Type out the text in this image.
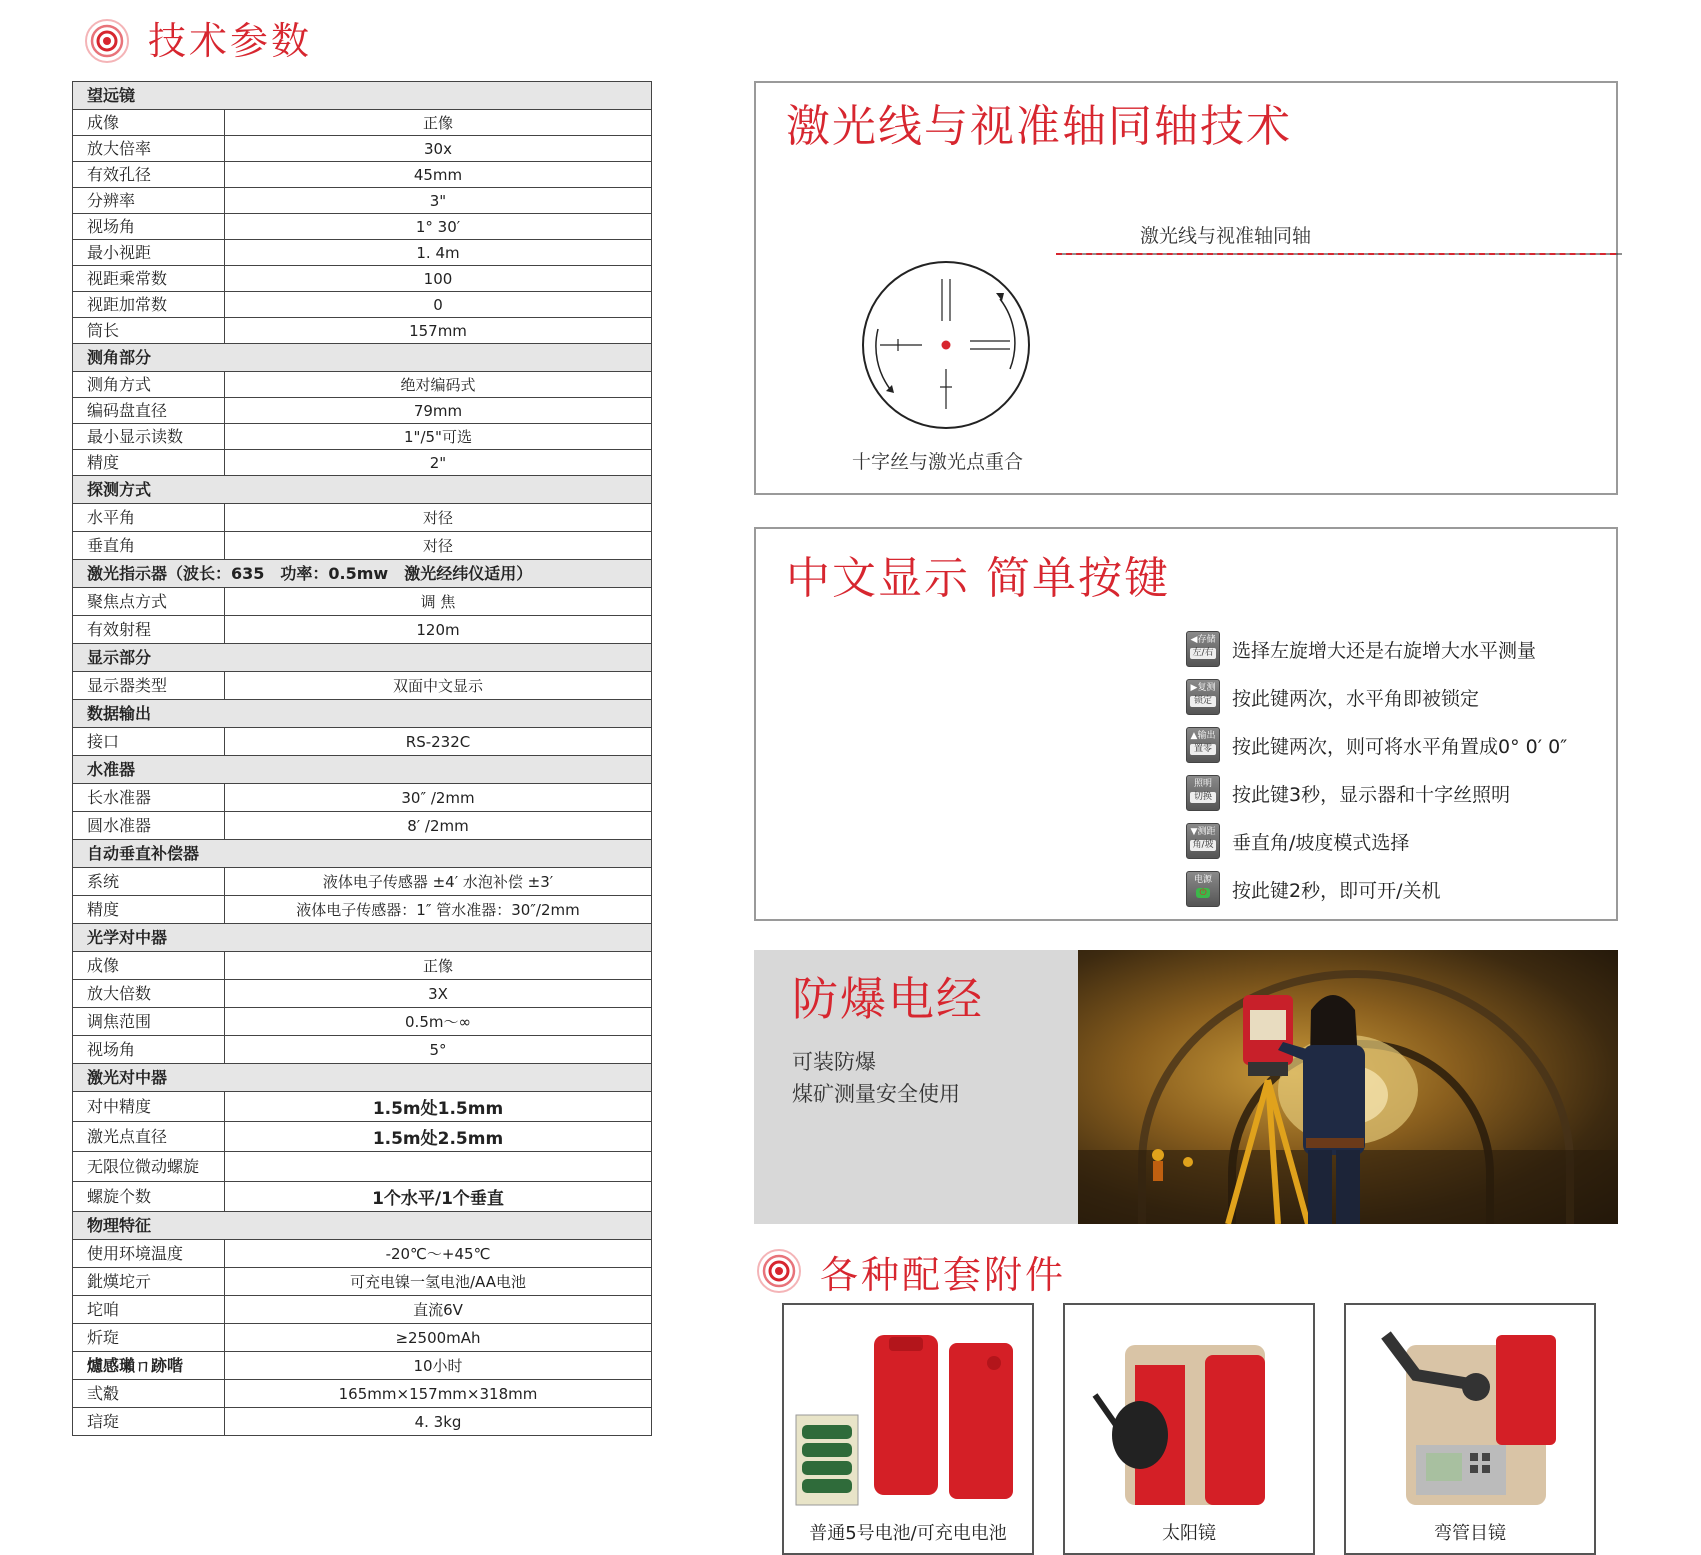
技术参数
望远镜
成像	正像
放大倍率	30x
有效孔径	45mm
分辨率	3"
视场角	1° 30′
最小视距	1. 4m
视距乘常数	100
视距加常数	0
筒长	157mm
测角部分
测角方式	绝对编码式
编码盘直径	79mm
最小显示读数	1"/5"可选
精度	2"
探测方式
水平角	对径
垂直角	对径
激光指示器（波长：635　功率：0.5mw　激光经纬仪适用）
聚焦点方式	调 焦
有效射程	120m
显示部分
显示器类型	双面中文显示
数据输出
接口	RS-232C
水准器
长水准器	30″ /2mm
圆水准器	8′ /2mm
自动垂直补偿器
系统	液体电子传感器 ±4′ 水泡补偿 ±3′
精度	液体电子传感器：1″ 管水准器：30″/2mm
光学对中器
成像	正像
放大倍数	3X
调焦范围	0.5m～∞
视场角	5°
激光对中器
对中精度	1.5m处1.5mm
激光点直径	1.5m处2.5mm
无限位微动螺旋
螺旋个数	1个水平/1个垂直
物理特征
使用环境温度	-20℃～+45℃
鈚熯坨亓	可充电镍一氢电池/AA电池
坨咱	直流6V
炘琁	≥2500mAh
爈感瓎ㄇ跡喈	10小时
弎觳	165mm×157mm×318mm
琂琁	4. 3kg
激光线与视准轴同轴技术
激光线与视准轴同轴
十字丝与激光点重合
中文显示 简单按键
◀存储
左/右 选择左旋增大还是右旋增大水平测量
▶复测
锁定 按此键两次，水平角即被锁定
▲输出
置零 按此键两次，则可将水平角置成0° 0′ 0″
照明
切换 按此键3秒，显示器和十字丝照明
▼测距
角/坡 垂直角/坡度模式选择
电源
⏻ 按此键2秒，即可开/关机
防爆电经
可装防爆
煤矿测量安全使用
各种配套附件
普通5号电池/可充电电池	太阳镜	弯管目镜
